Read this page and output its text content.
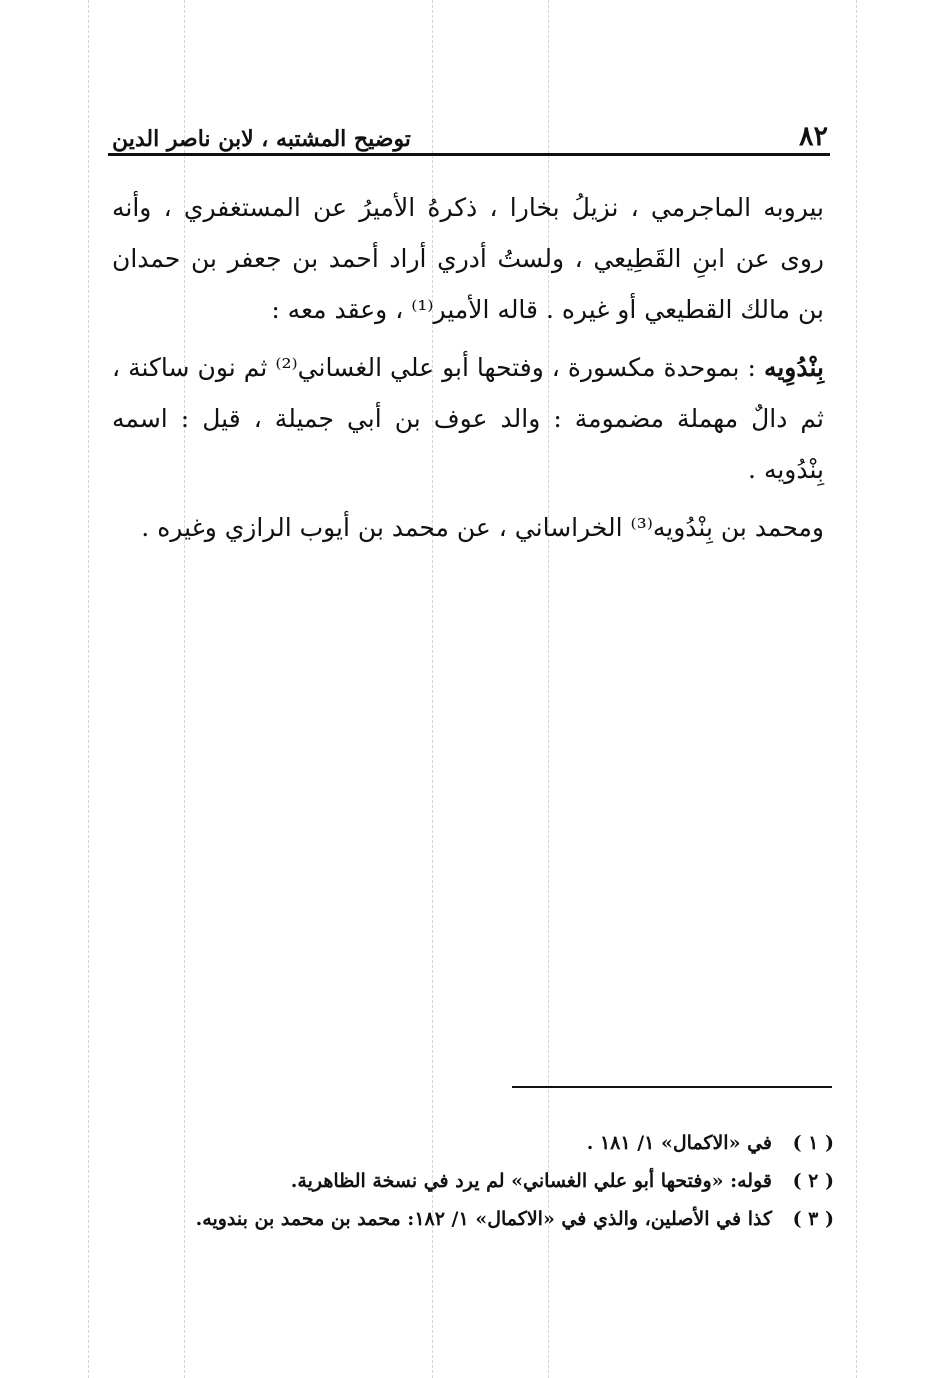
٨٢
توضيح المشتبه ، لابن ناصر الدين

بيروبه الماجرمي ، نزيلُ بخارا ، ذكرهُ الأميرُ عن المستغفري ، وأنه روى عن ابنِ القَطِيعي ، ولستُ أدري أراد أحمد بن جعفر بن حمدان بن مالك القطيعي أو غيره . قاله الأمير⁽¹⁾ ، وعقد معه :

بِنْدُوِيه : بموحدة مكسورة ، وفتحها أبو علي الغساني⁽²⁾ ثم نون ساكنة ، ثم دالٌ مهملة مضمومة : والد عوف بن أبي جميلة ، قيل : اسمه بِنْدُويه .

ومحمد بن بِنْدُويه⁽³⁾ الخراساني ، عن محمد بن أيوب الرازي وغيره .

( ١ )
في «الاكمال» ١/ ١٨١ .
( ٢ )
قوله: «وفتحها أبو علي الغساني» لم يرد في نسخة الظاهرية.
( ٣ )
كذا في الأصلين، والذي في «الاكمال» ١/ ١٨٢: محمد بن محمد بن بندويه.
